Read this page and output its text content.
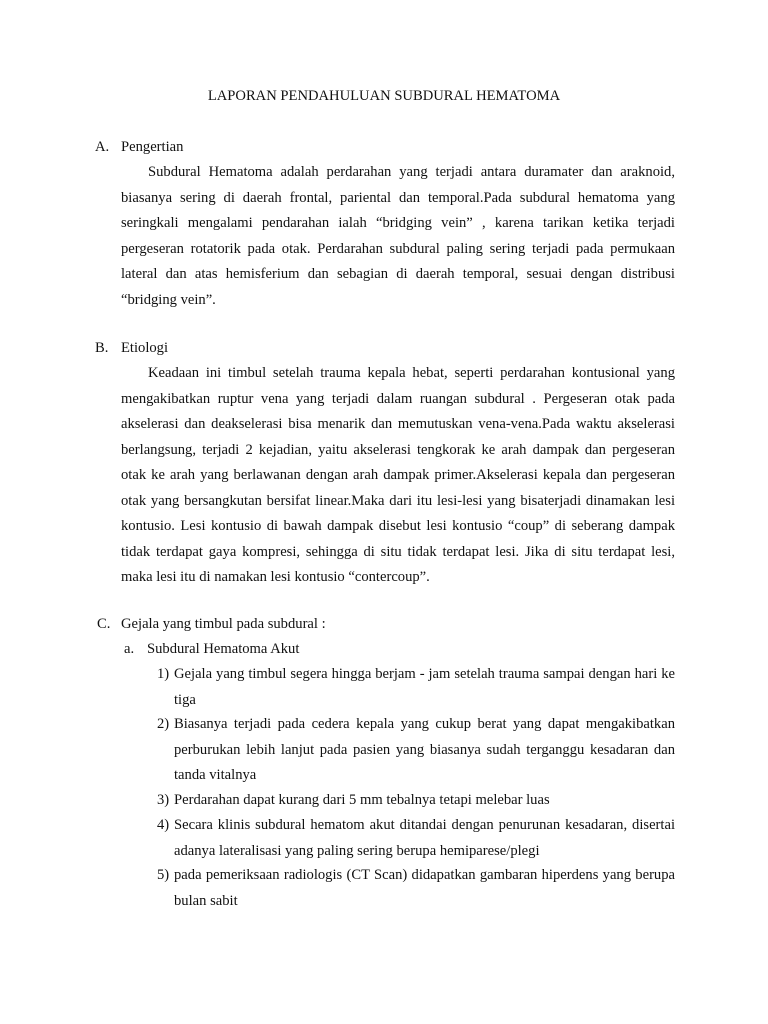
LAPORAN PENDAHULUAN SUBDURAL HEMATOMA
A. Pengertian
Subdural Hematoma adalah perdarahan yang terjadi antara duramater dan araknoid, biasanya sering di daerah frontal, pariental dan temporal.Pada subdural hematoma yang seringkali mengalami pendarahan ialah “bridging vein” , karena tarikan ketika terjadi pergeseran rotatorik pada otak. Perdarahan subdural paling sering terjadi pada permukaan lateral dan atas hemisferium dan sebagian di daerah temporal, sesuai dengan distribusi “bridging vein”.
B. Etiologi
Keadaan ini timbul setelah trauma kepala hebat, seperti perdarahan kontusional yang mengakibatkan ruptur vena yang terjadi dalam ruangan subdural . Pergeseran otak pada akselerasi dan deakselerasi bisa menarik dan memutuskan vena-vena.Pada waktu akselerasi berlangsung, terjadi 2 kejadian, yaitu akselerasi tengkorak ke arah dampak dan pergeseran otak ke arah yang berlawanan dengan arah dampak primer.Akselerasi kepala dan pergeseran otak yang bersangkutan bersifat linear.Maka dari itu lesi-lesi yang bisaterjadi dinamakan lesi kontusio. Lesi kontusio di bawah dampak disebut lesi kontusio “coup” di seberang dampak tidak terdapat gaya kompresi, sehingga di situ tidak terdapat lesi. Jika di situ terdapat lesi, maka lesi itu di namakan lesi kontusio “contercoup”.
C. Gejala yang timbul pada subdural :
a. Subdural Hematoma Akut
1) Gejala yang timbul segera hingga berjam - jam setelah trauma sampai dengan hari ke tiga
2) Biasanya terjadi pada cedera kepala yang cukup berat yang dapat mengakibatkan perburukan lebih lanjut pada pasien yang biasanya sudah terganggu kesadaran dan tanda vitalnya
3) Perdarahan dapat kurang dari 5 mm tebalnya tetapi melebar luas
4) Secara klinis subdural hematom akut ditandai dengan penurunan kesadaran, disertai adanya lateralisasi yang paling sering berupa hemiparese/plegi
5) pada pemeriksaan radiologis (CT Scan) didapatkan gambaran hiperdens yang berupa bulan sabit
